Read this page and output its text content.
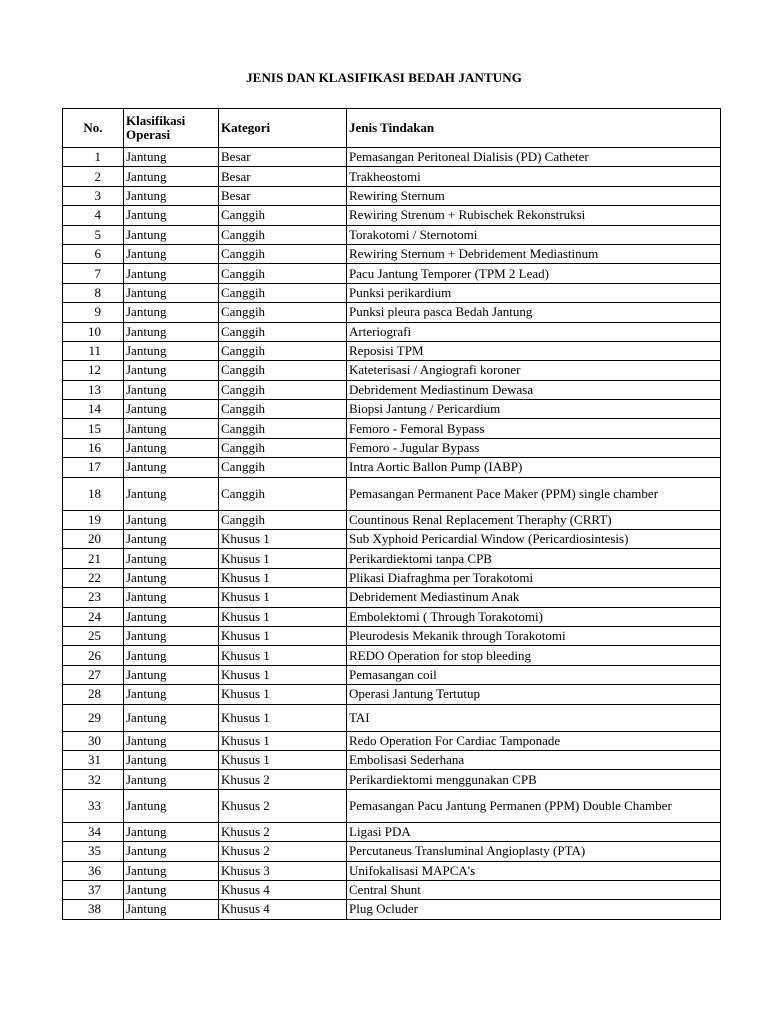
JENIS DAN KLASIFIKASI BEDAH JANTUNG
No.	Klasifikasi Operasi	Kategori	Jenis Tindakan
1	Jantung	Besar	Pemasangan Peritoneal Dialisis (PD) Catheter
2	Jantung	Besar	Trakheostomi
3	Jantung	Besar	Rewiring Sternum
4	Jantung	Canggih	Rewiring Strenum + Rubischek Rekonstruksi
5	Jantung	Canggih	Torakotomi / Sternotomi
6	Jantung	Canggih	Rewiring Sternum + Debridement Mediastinum
7	Jantung	Canggih	Pacu Jantung Temporer (TPM 2 Lead)
8	Jantung	Canggih	Punksi perikardium
9	Jantung	Canggih	Punksi pleura pasca Bedah Jantung
10	Jantung	Canggih	Arteriografi
11	Jantung	Canggih	Reposisi TPM
12	Jantung	Canggih	Kateterisasi / Angiografi koroner
13	Jantung	Canggih	Debridement Mediastinum Dewasa
14	Jantung	Canggih	Biopsi Jantung / Pericardium
15	Jantung	Canggih	Femoro - Femoral Bypass
16	Jantung	Canggih	Femoro - Jugular Bypass
17	Jantung	Canggih	Intra Aortic Ballon Pump (IABP)
18	Jantung	Canggih	Pemasangan Permanent Pace Maker (PPM) single chamber

19	Jantung	Canggih	Countinous Renal Replacement Theraphy (CRRT)
20	Jantung	Khusus 1	Sub Xyphoid Pericardial Window (Pericardiosintesis)
21	Jantung	Khusus 1	Perikardiektomi tanpa CPB
22	Jantung	Khusus 1	Plikasi Diafraghma per Torakotomi
23	Jantung	Khusus 1	Debridement Mediastinum Anak
24	Jantung	Khusus 1	Embolektomi ( Through Torakotomi)
25	Jantung	Khusus 1	Pleurodesis Mekanik through Torakotomi
26	Jantung	Khusus 1	REDO Operation for stop bleeding
27	Jantung	Khusus 1	Pemasangan coil
28	Jantung	Khusus 1	Operasi Jantung Tertutup
29	Jantung	Khusus 1	TAI
30	Jantung	Khusus 1	Redo Operation For Cardiac Tamponade
31	Jantung	Khusus 1	Embolisasi Sederhana
32	Jantung	Khusus 2	Perikardiektomi menggunakan CPB
33	Jantung	Khusus 2	Pemasangan Pacu Jantung Permanen (PPM) Double Chamber

34	Jantung	Khusus 2	Ligasi PDA
35	Jantung	Khusus 2	Percutaneus Transluminal Angioplasty (PTA)
36	Jantung	Khusus 3	Unifokalisasi MAPCA's
37	Jantung	Khusus 4	Central Shunt
38	Jantung	Khusus 4	Plug Ocluder
